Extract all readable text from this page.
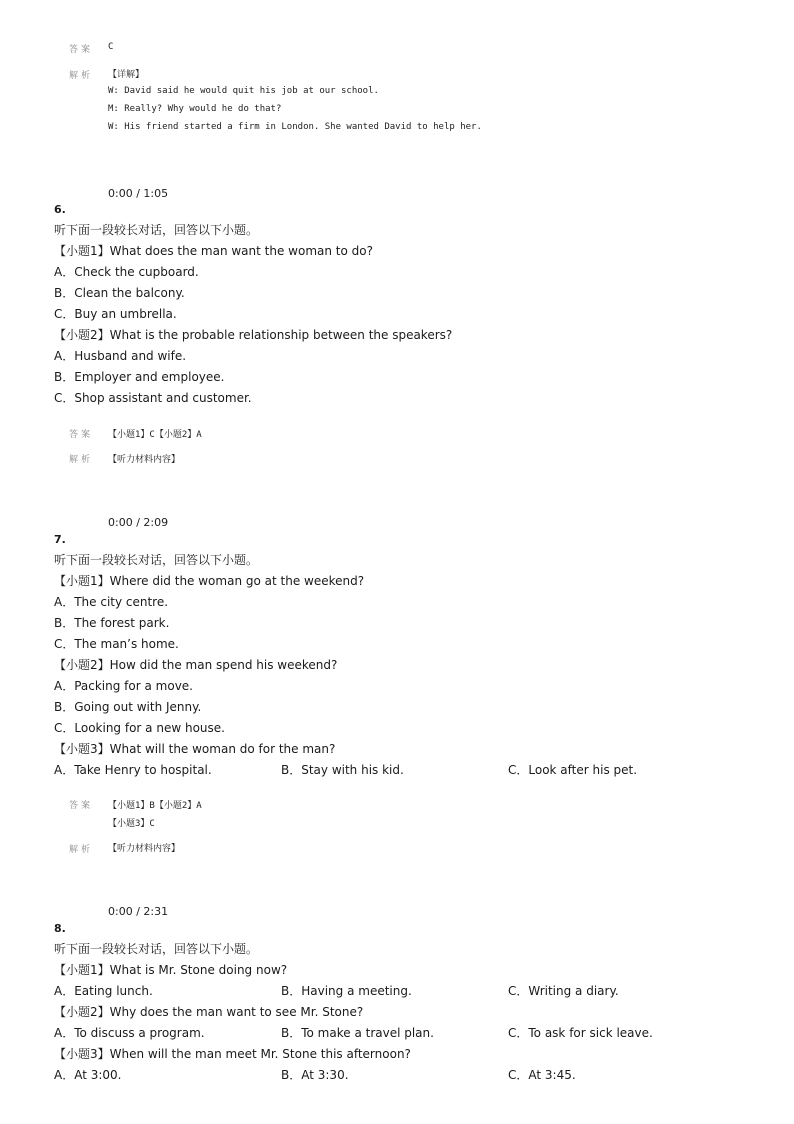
答案 C
解析 【详解】
W: David said he would quit his job at our school.
M: Really? Why would he do that?
W: His friend started a firm in London. She wanted David to help her.
0:00 / 1:05
6.
听下面一段较长对话，回答以下小题。
【小题1】What does the man want the woman to do?
A．Check the cupboard.
B．Clean the balcony.
C．Buy an umbrella.
【小题2】What is the probable relationship between the speakers?
A．Husband and wife.
B．Employer and employee.
C．Shop assistant and customer.
答案 【小题1】C【小题2】A
解析 【听力材料内容】
0:00 / 2:09
7.
听下面一段较长对话，回答以下小题。
【小题1】Where did the woman go at the weekend?
A．The city centre.
B．The forest park.
C．The man’s home.
【小题2】How did the man spend his weekend?
A．Packing for a move.
B．Going out with Jenny.
C．Looking for a new house.
【小题3】What will the woman do for the man?
A．Take Henry to hospital.	B．Stay with his kid.	C．Look after his pet.
答案 【小题1】B【小题2】A
【小题3】C
解析 【听力材料内容】
0:00 / 2:31
8.
听下面一段较长对话，回答以下小题。
【小题1】What is Mr. Stone doing now?
A．Eating lunch.	B．Having a meeting.	C．Writing a diary.
【小题2】Why does the man want to see Mr. Stone?
A．To discuss a program.	B．To make a travel plan.	C．To ask for sick leave.
【小题3】When will the man meet Mr. Stone this afternoon?
A．At 3:00.	B．At 3:30.	C．At 3:45.
